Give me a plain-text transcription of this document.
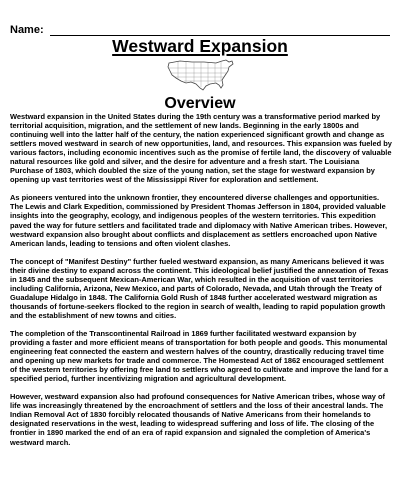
Name:
Westward Expansion
Overview

Westward expansion in the United States during the 19th century was a transformative period marked by territorial acquisition, migration, and the settlement of new lands. Beginning in the early 1800s and continuing well into the latter half of the century, the nation experienced significant growth and change as settlers moved westward in search of new opportunities, land, and resources. This expansion was fueled by various factors, including economic incentives such as the promise of fertile land, the discovery of valuable natural resources like gold and silver, and the desire for adventure and a fresh start. The Louisiana Purchase of 1803, which doubled the size of the young nation, set the stage for westward expansion by opening up vast territories west of the Mississippi River for exploration and settlement.

As pioneers ventured into the unknown frontier, they encountered diverse challenges and opportunities. The Lewis and Clark Expedition, commissioned by President Thomas Jefferson in 1804, provided valuable insights into the geography, ecology, and indigenous peoples of the western territories. This expedition paved the way for future settlers and facilitated trade and diplomacy with Native American tribes. However, westward expansion also brought about conflicts and displacement as settlers encroached upon Native American lands, leading to tensions and often violent clashes.

The concept of "Manifest Destiny" further fueled westward expansion, as many Americans believed it was their divine destiny to expand across the continent. This ideological belief justified the annexation of Texas in 1845 and the subsequent Mexican-American War, which resulted in the acquisition of vast territories including California, Arizona, New Mexico, and parts of Colorado, Nevada, and Utah through the Treaty of Guadalupe Hidalgo in 1848. The California Gold Rush of 1848 further accelerated westward migration as thousands of fortune-seekers flocked to the region in search of wealth, leading to rapid population growth and the establishment of new towns and cities.

The completion of the Transcontinental Railroad in 1869 further facilitated westward expansion by providing a faster and more efficient means of transportation for both people and goods. This monumental engineering feat connected the eastern and western halves of the country, drastically reducing travel time and opening up new markets for trade and commerce. The Homestead Act of 1862 encouraged settlement of the western territories by offering free land to settlers who agreed to cultivate and improve the land for a specified period, further incentivizing migration and agricultural development.

However, westward expansion also had profound consequences for Native American tribes, whose way of life was increasingly threatened by the encroachment of settlers and the loss of their ancestral lands. The Indian Removal Act of 1830 forcibly relocated thousands of Native Americans from their homelands to designated reservations in the west, leading to widespread suffering and loss of life. The closing of the frontier in 1890 marked the end of an era of rapid expansion and signaled the completion of America's westward march.
